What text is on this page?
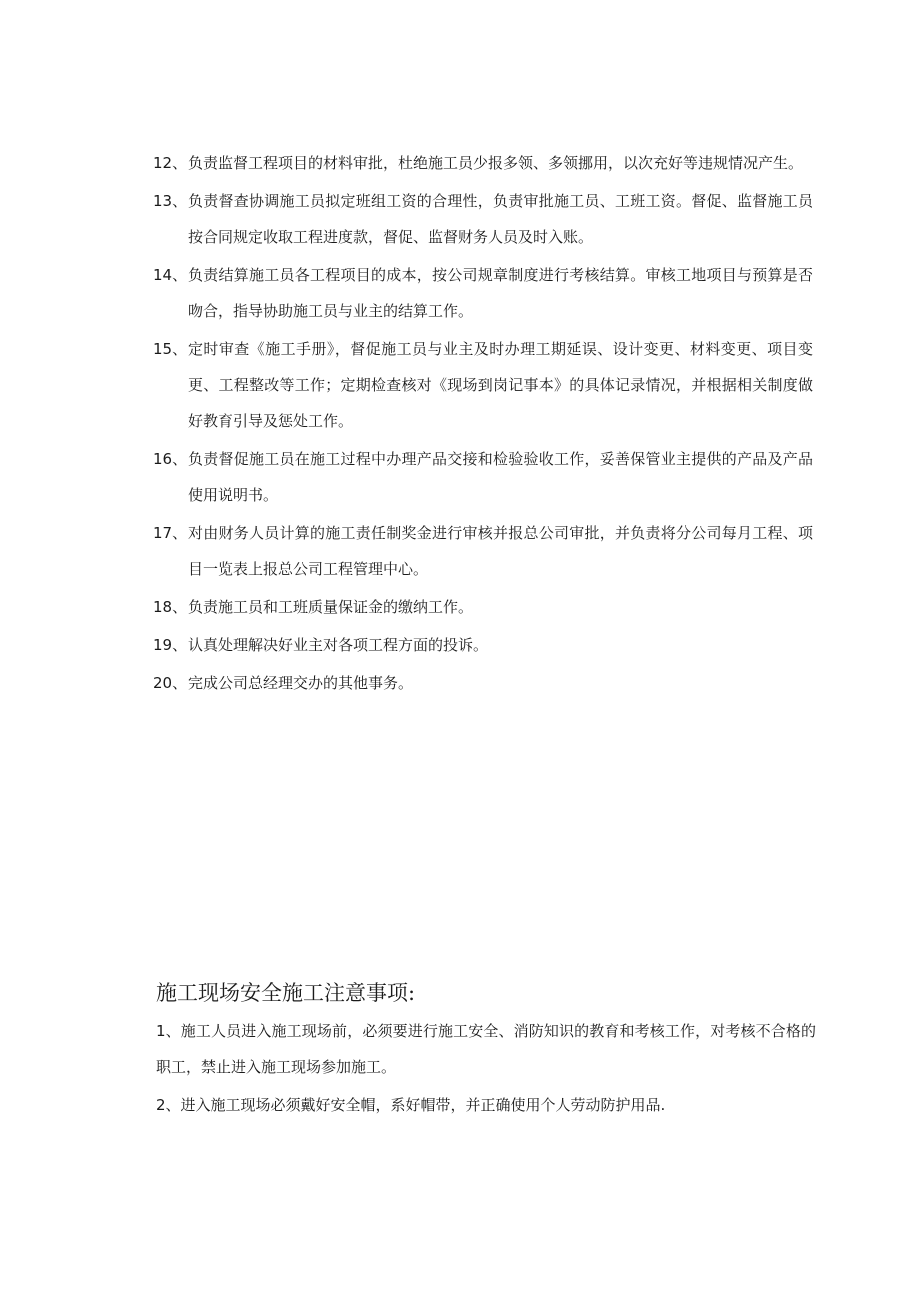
12、 负责监督工程项目的材料审批，杜绝施工员少报多领、多领挪用，以次充好等违规情况产生。
13、 负责督查协调施工员拟定班组工资的合理性，负责审批施工员、工班工资。督促、监督施工员按合同规定收取工程进度款，督促、监督财务人员及时入账。
14、 负责结算施工员各工程项目的成本，按公司规章制度进行考核结算。审核工地项目与预算是否吻合，指导协助施工员与业主的结算工作。
15、 定时审查《施工手册》，督促施工员与业主及时办理工期延误、设计变更、材料变更、项目变更、工程整改等工作；定期检查核对《现场到岗记事本》的具体记录情况，并根据相关制度做好教育引导及惩处工作。
16、 负责督促施工员在施工过程中办理产品交接和检验验收工作，妥善保管业主提供的产品及产品使用说明书。
17、 对由财务人员计算的施工责任制奖金进行审核并报总公司审批，并负责将分公司每月工程、项目一览表上报总公司工程管理中心。
18、 负责施工员和工班质量保证金的缴纳工作。
19、 认真处理解决好业主对各项工程方面的投诉。
20、 完成公司总经理交办的其他事务。
施工现场安全施工注意事项:
1、施工人员进入施工现场前，必须要进行施工安全、消防知识的教育和考核工作，对考核不合格的职工，禁止进入施工现场参加施工。
2、进入施工现场必须戴好安全帽，系好帽带，并正确使用个人劳动防护用品.
